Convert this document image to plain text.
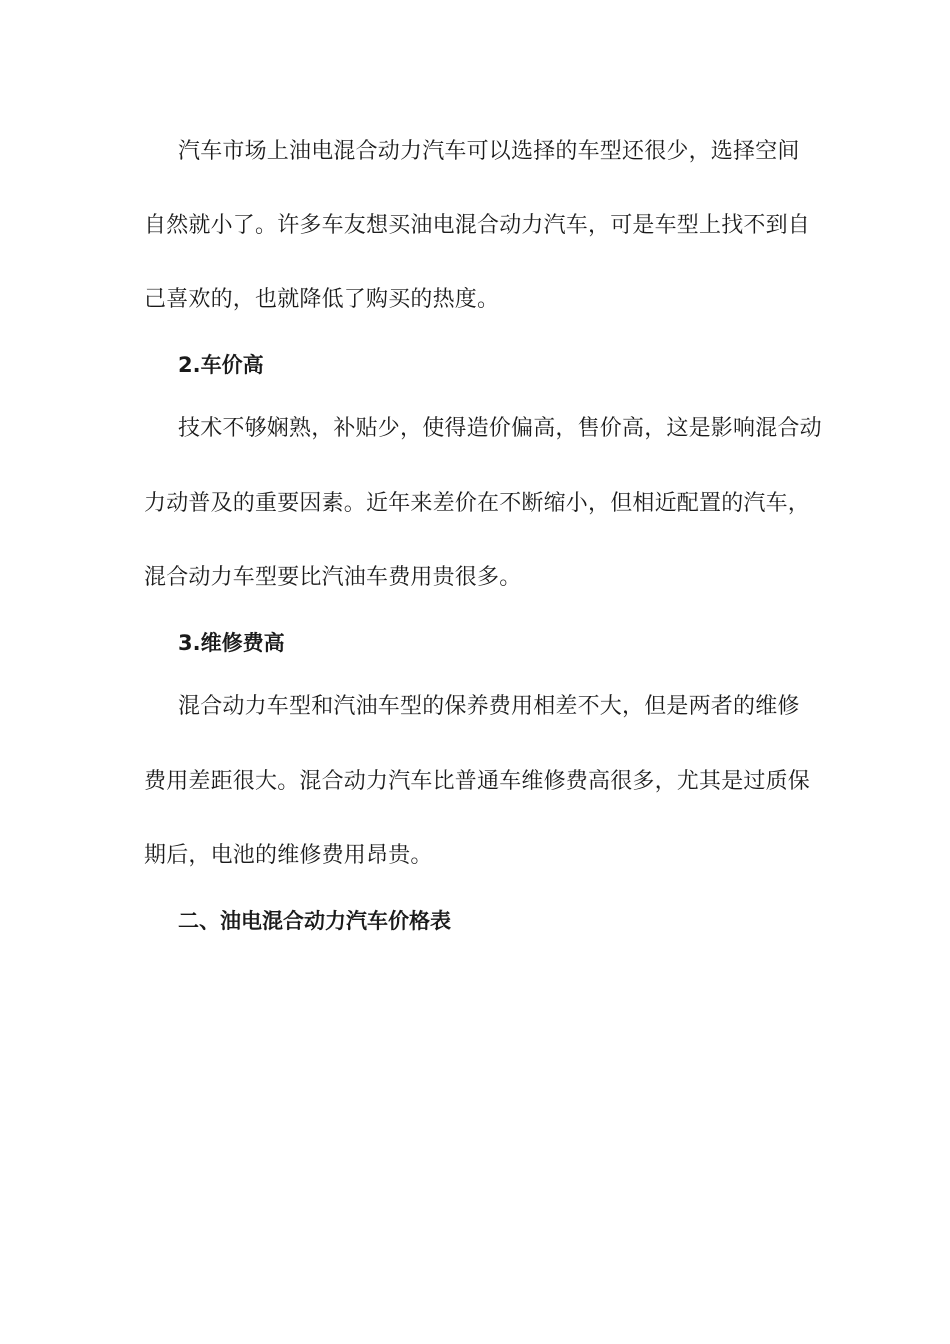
汽车市场上油电混合动力汽车可以选择的车型还很少，选择空间
自然就小了。许多车友想买油电混合动力汽车，可是车型上找不到自
己喜欢的，也就降低了购买的热度。
2.车价高
技术不够娴熟，补贴少，使得造价偏高，售价高，这是影响混合动
力动普及的重要因素。近年来差价在不断缩小，但相近配置的汽车，
混合动力车型要比汽油车费用贵很多。
3.维修费高
混合动力车型和汽油车型的保养费用相差不大，但是两者的维修
费用差距很大。混合动力汽车比普通车维修费高很多，尤其是过质保
期后，电池的维修费用昂贵。
二、油电混合动力汽车价格表
